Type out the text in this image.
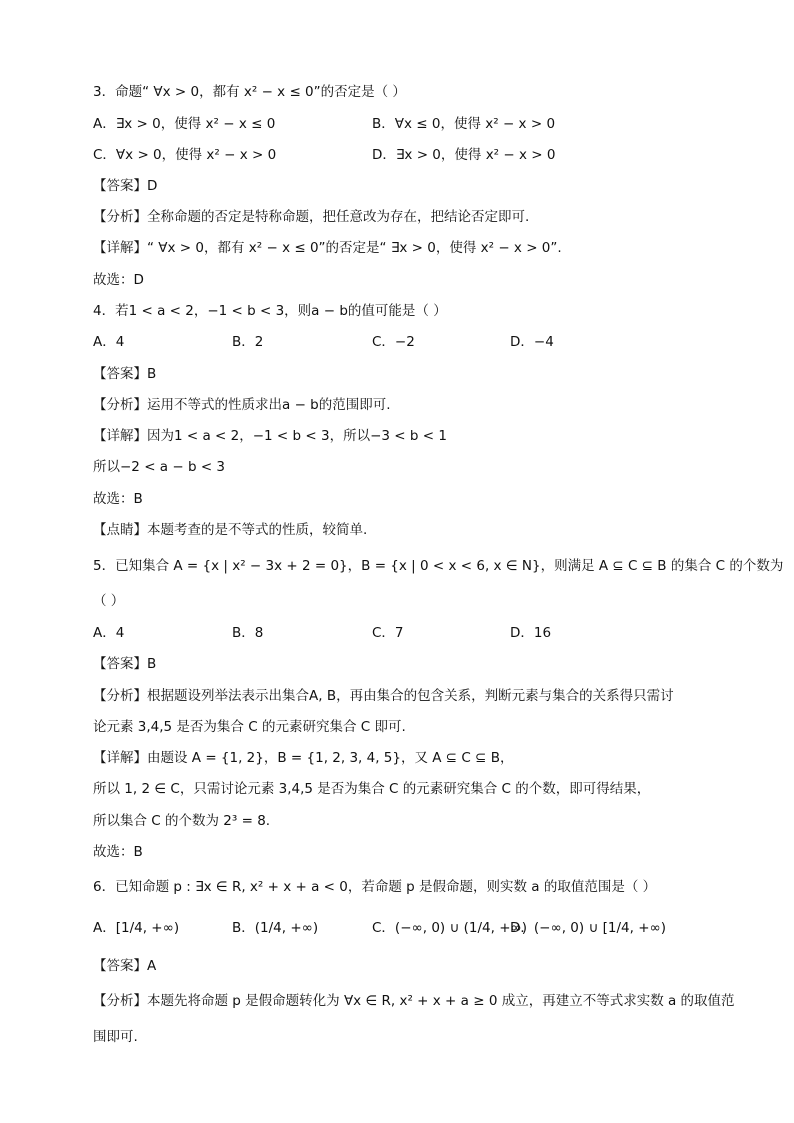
3．命题“ ∀x > 0，都有 x² − x ≤ 0”的否定是（ ）
A．∃x > 0，使得 x² − x ≤ 0	B．∀x ≤ 0，使得 x² − x > 0
C．∀x > 0，使得 x² − x > 0	D．∃x > 0，使得 x² − x > 0
【答案】D
【分析】全称命题的否定是特称命题，把任意改为存在，把结论否定即可.
【详解】“ ∀x > 0，都有 x² − x ≤ 0”的否定是“ ∃x > 0，使得 x² − x > 0”.
故选：D
4．若1 < a < 2，−1 < b < 3，则a − b的值可能是（ ）
A．4	B．2	C．−2	D．−4
【答案】B
【分析】运用不等式的性质求出a − b的范围即可.
【详解】因为1 < a < 2，−1 < b < 3，所以−3 < b < 1
所以−2 < a − b < 3
故选：B
【点睛】本题考查的是不等式的性质，较简单.
5．已知集合 A = {x | x² − 3x + 2 = 0}，B = {x | 0 < x < 6, x ∈ N}，则满足 A ⊆ C ⊆ B 的集合 C 的个数为
（ ）
A．4	B．8	C．7	D．16
【答案】B
【分析】根据题设列举法表示出集合A, B，再由集合的包含关系，判断元素与集合的关系得只需讨
论元素 3,4,5 是否为集合 C 的元素研究集合 C 即可.
【详解】由题设 A = {1, 2}，B = {1, 2, 3, 4, 5}，又 A ⊆ C ⊆ B，
所以 1, 2 ∈ C，只需讨论元素 3,4,5 是否为集合 C 的元素研究集合 C 的个数，即可得结果，
所以集合 C 的个数为 2³ = 8.
故选：B
6．已知命题 p : ∃x ∈ R, x² + x + a < 0，若命题 p 是假命题，则实数 a 的取值范围是（ ）
A．[1/4, +∞)	B．(1/4, +∞)	C．(−∞, 0) ∪ (1/4, +∞)
D．(−∞, 0) ∪ [1/4, +∞)
【答案】A
【分析】本题先将命题 p 是假命题转化为 ∀x ∈ R, x² + x + a ≥ 0 成立，再建立不等式求实数 a 的取值范
围即可.
